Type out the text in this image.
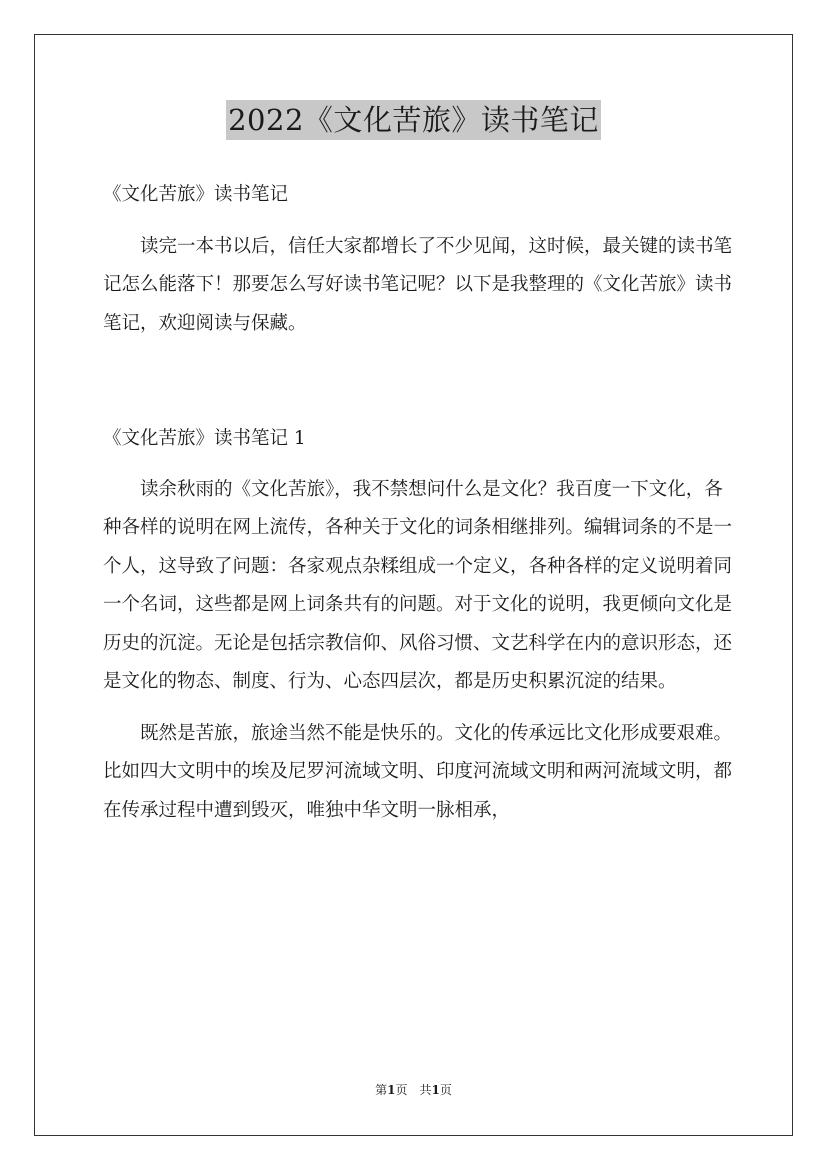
2022《文化苦旅》读书笔记

《文化苦旅》读书笔记

读完一本书以后，信任大家都增长了不少见闻，这时候，最关键的读书笔记怎么能落下！那要怎么写好读书笔记呢？以下是我整理的《文化苦旅》读书笔记，欢迎阅读与保藏。

《文化苦旅》读书笔记 1

读余秋雨的《文化苦旅》，我不禁想问什么是文化？我百度一下文化，各种各样的说明在网上流传，各种关于文化的词条相继排列。编辑词条的不是一个人，这导致了问题：各家观点杂糅组成一个定义，各种各样的定义说明着同一个名词，这些都是网上词条共有的问题。对于文化的说明，我更倾向文化是历史的沉淀。无论是包括宗教信仰、风俗习惯、文艺科学在内的意识形态，还是文化的物态、制度、行为、心态四层次，都是历史积累沉淀的结果。

既然是苦旅，旅途当然不能是快乐的。文化的传承远比文化形成要艰难。比如四大文明中的埃及尼罗河流域文明、印度河流域文明和两河流域文明，都在传承过程中遭到毁灭，唯独中华文明一脉相承，

第1页　共1页
